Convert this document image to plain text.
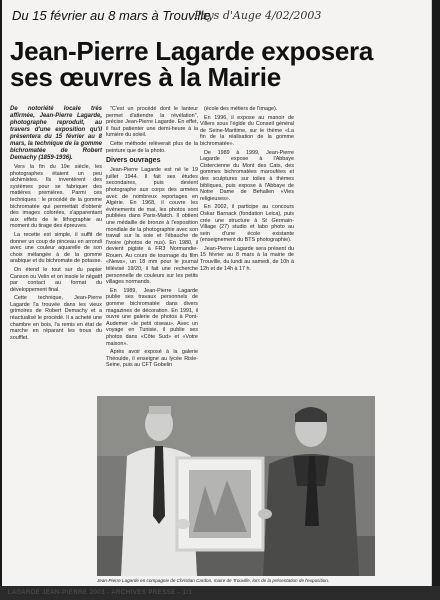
Du 15 février au 8 mars à Trouville
Pays d'Auge 4/02/2003
Jean-Pierre Lagarde exposera
ses œuvres à la Mairie

De notoriété locale très affirmée, Jean-Pierre Lagarde, photographe reproduit, au travers d'une exposition qu'il présentera du 15 février au 8 mars, la technique de la gomme bichromatée de Robert Demachy (1859-1936).

Vers la fin du 19e siècle, les photographes étaient un peu alchimistes. Ils inventèrent des systèmes pour se fabriquer des matières premières. Parmi ces techniques : le procédé de la gomme bichromatée qui permettait d'obtenir des images colorées, s'apparentant aux effets de le lithographie au moment du tirage des épreuves.

La recette est simple, il suffit de donner un coup de pinceau en arrondi avec une couleur aquarelle de son choix mélangée à de la gomme arabique et du bichromate de potasse.

On étend le tout sur du papier Canson ou Velin et on insole le négatif par contact au format du développement final.

Cette technique, Jean-Pierre Lagarde l'a trouvée dans les vieux grimoires de Robert Demachy et a réactualisé le procédé. Il a acheté une chambre en bois, l'a remis en état de marche en réparant les trous du soufflet.

"C'est un procédé dont le lanteur permet d'attendre la révélation", précise Jean-Pierre Lagarde. En effet, il faut patienter une demi-heure à la lumière du soleil.

Cette méthode relèverait plus de la peinture que de la photo.

Divers ouvrages

Jean-Pierre Lagarde est né le 19 juillet 1944. Il fait ses études secondaires, puis devient photographe aux corps des armées avec de nombreux reportages en Algérie. En 1968, il couvre les événements de mai, les photos sont publiées dans Paris-Match. Il obtient une médaille de bronze à l'exposition mondiale de la photographie avec son travail sur la soie et l'ébauche de l'ivoire (photos de nus). En 1980, il devient pigiste à FR3 Normandie-Rouen. Au cours de tournage du film «News», un 18 mm pour le journal télévisé 19/20, il fait une recherche personnelle de couleurs sur les petits villages normands.

En 1989, Jean-Pierre Lagarde publie ses travaux personnels de gomme bichromatée dans divers magazines de décoration. En 1991, il ouvre une galerie de photos à Pont-Audemer «le petit oiseau». Avec un voyage en Tunisie, il publie ses photos dans «Côte Sud» et «Votre maison».

Après avoir exposé à la galerie Théoulde, il enseigne au lycée Risle-Seine, puis au CFT Gobelin

(école des métiers de l'image).

En 1996, il expose au manoir de Villers sous l'égide du Conseil général de Seine-Maritime, sur le thème «La fin de la réalisation de la gomme bichromatée».

De 1989 à 1999, Jean-Pierre Lagarde expose à l'Abbaye Cistercienne du Mont des Cats, des gommes bichromatées maroufées et des sculptures sur toiles à thèmes bibliques, puis expose à l'Abbaye de Notre Dame de Behallen «Vies religieuses».

En 2002, il participe au concours Oskar Barnack (fondation Leica), puis crée une structure à St Germain-Village (27) studio et labo photo au sein d'une école existante (enseignement du BTS photographie).

Jean-Pierre Lagarde sera présent du 15 février au 8 mars à la mairie de Trouville, du lundi au samedi, de 10h à 12h et de 14h à 17 h.

Jean-Pierre Lagarde en compagnie de Christian Cardon, maire de Trouville, lors de la présentation de l'exposition.
LAGARDE JEAN-PIERRE 2003 - ARCHIVES PRESSE - 1/1
